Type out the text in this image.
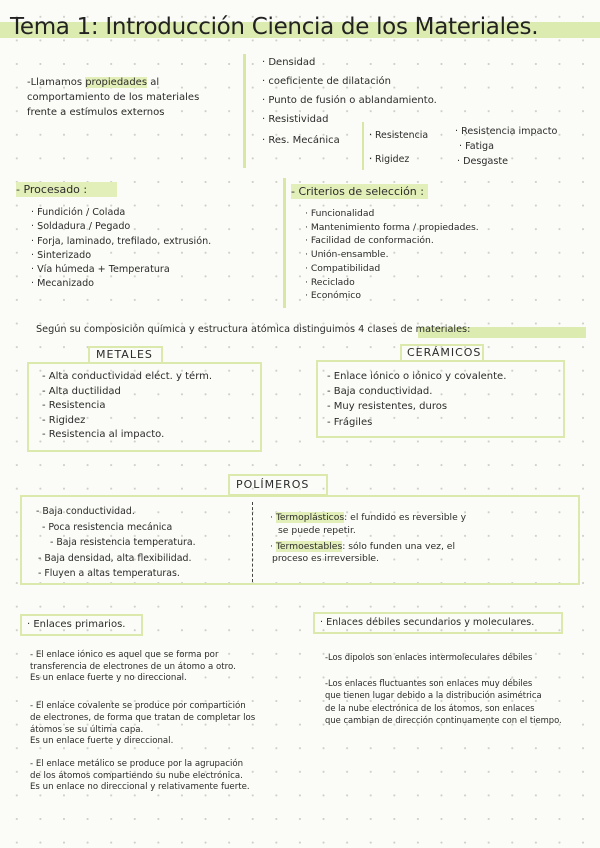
Tema 1: Introducción Ciencia de los Materiales.
-Llamamos propiedades al
comportamiento de los materiales
frente a estímulos externos
· Densidad
· coeficiente de dilatación
· Punto de fusión o ablandamiento.
· Resistividad
· Res. Mecánica	· Resistencia
· Rigidez
· Resistencia impacto
· Fatiga
· Desgaste
- Procesado :
· Fundición / Colada
· Soldadura / Pegado
· Forja, laminado, trefilado, extrusión.
· Sinterizado
· Vía húmeda + Temperatura
· Mecanizado
- Criterios de selección :
· Funcionalidad
· Mantenimiento forma / propiedades.
· Facilidad de conformación.
· Unión-ensamble.
· Compatibilidad
· Reciclado
· Económico
Según su composición química y estructura atómica distinguimos 4 clases de materiales:
METALES
- Alta conductividad eléct. y térm.
- Alta ductilidad
- Resistencia
- Rigidez
- Resistencia al impacto.
CERÁMICOS
- Enlace iónico o iónico y covalente.
- Baja conductividad.
- Muy resistentes, duros
- Frágiles
POLÍMEROS
- Baja conductividad.
- Poca resistencia mecánica
- Baja resistencia temperatura.
- Baja densidad, alta flexibilidad.
- Fluyen a altas temperaturas.
· Termoplásticos: el fundido es reversible y
se puede repetir.
· Termoestables: sólo funden una vez, el
proceso es irreversible.
· Enlaces primarios.
- El enlace iónico es aquel que se forma por
transferencia de electrones de un átomo a otro.
Es un enlace fuerte y no direccional.
- El enlace covalente se produce por compartición
de electrones, de forma que tratan de completar los
átomos se su última capa.
Es un enlace fuerte y direccional.
- El enlace metálico se produce por la agrupación
de los átomos compartiendo su nube electrónica.
Es un enlace no direccional y relativamente fuerte.
· Enlaces débiles secundarios y moleculares.
-Los dipolos son enlaces intermoleculares débiles
-Los enlaces fluctuantes son enlaces muy débiles
que tienen lugar debido a la distribución asimétrica
de la nube electrónica de los átomos, son enlaces
que cambian de dirección continuamente con el tiempo.
